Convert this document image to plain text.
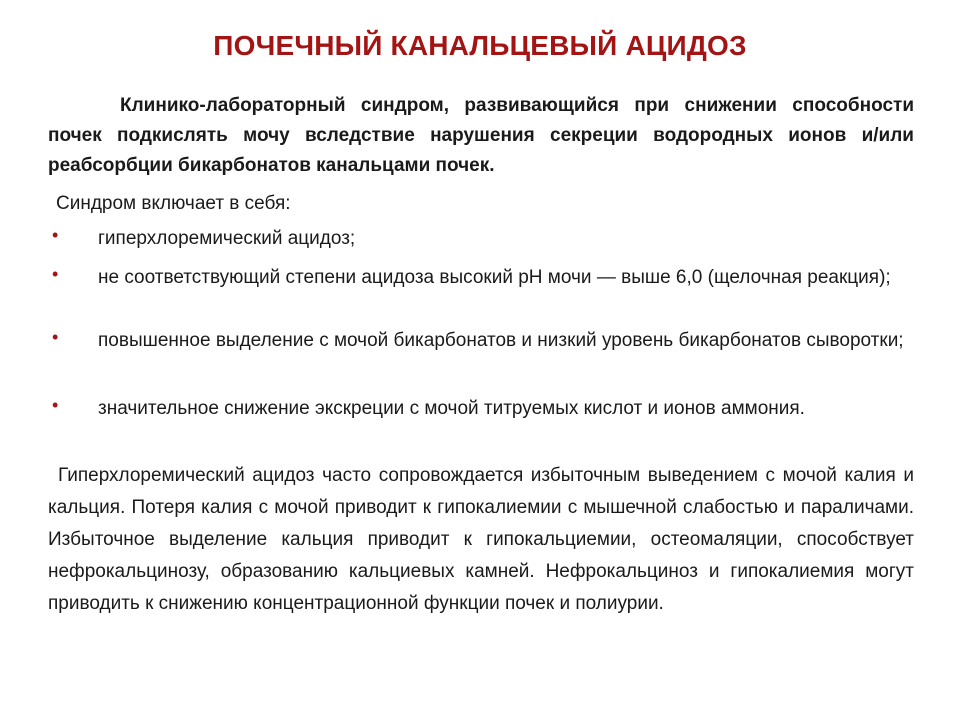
ПОЧЕЧНЫЙ КАНАЛЬЦЕВЫЙ АЦИДОЗ
Клинико-лабораторный синдром, развивающийся при снижении способности почек подкислять мочу вследствие нарушения секреции водородных ионов и/или реабсорбции бикарбонатов канальцами почек.
Синдром включает в себя:
•	гиперхлоремический ацидоз;
•	не соответствующий степени ацидоза высокий pH мочи — выше 6,0 (щелочная реакция);
•	повышенное выделение с мочой бикарбонатов и низкий уровень бикарбонатов сыворотки;
•	значительное снижение экскреции с мочой титруемых кислот и ионов аммония.
Гиперхлоремический ацидоз часто сопровождается избыточным выведением с мочой калия и кальция. Потеря калия с мочой приводит к гипокалиемии с мышечной слабостью и параличами. Избыточное выделение кальция приводит к гипокальциемии, остеомаляции, способствует нефрокальцинозу, образованию кальциевых камней. Нефрокальциноз и гипокалиемия могут приводить к снижению концентрационной функции почек и полиурии.
